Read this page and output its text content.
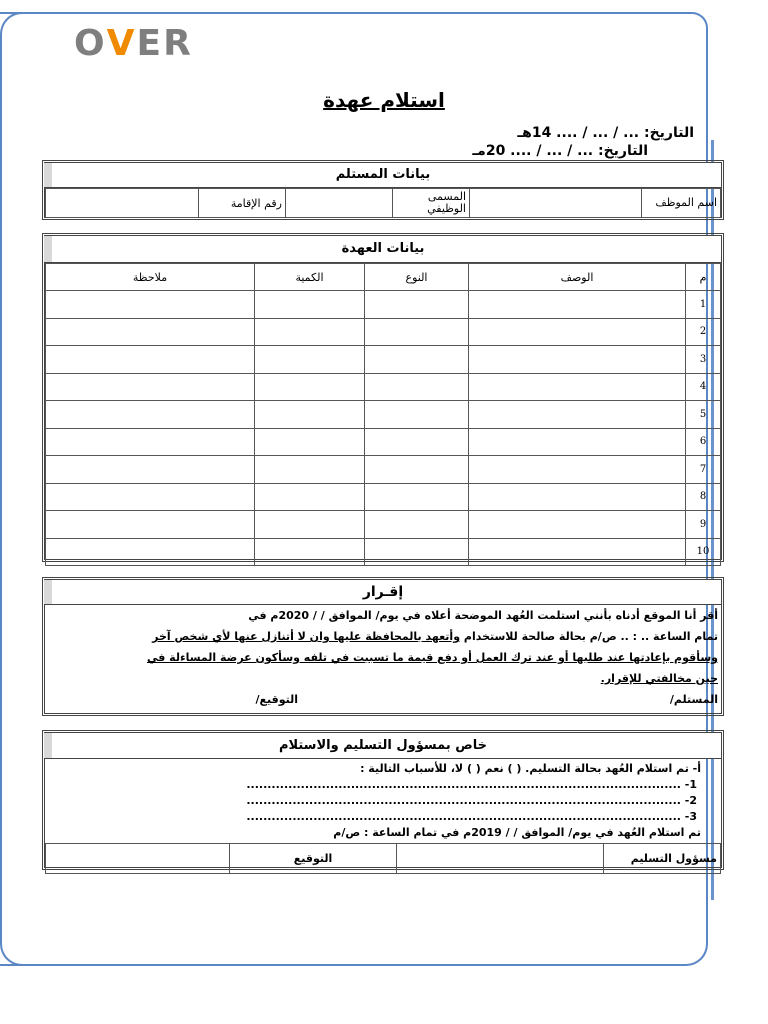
O V E R
استلام عهدة
التاريخ: ... / ... / .... 14هـ
التاريخ: ... / ... / .... 20مـ
بيانات المستلم
اسم الموظف		المسمى الوظيفي		رقم الإقامة	
بيانات العهدة
م	الوصف	النوع	الكمية	ملاحظة
1				
2				
3				
4				
5				
6				
7				
8				
9				
10				
إقـرار

أقر أنا الموقع أدناه بأنني استلمت العُهد الموضحة أعلاه في يوم/ الموافق / / 2020م في

تمام الساعة .. : .. ص/م بحالة صالحة للاستخدام وأتعهد بالمحافظة عليها وان لا أتنازل عنها لأي شخص آخر

وسأقوم بإعادتها عند طلبها أو عند ترك العمل أو دفع قيمة ما تسببت في تلفه وسأكون عرضة المساءلة في

حين مخالفتي للإقرار.

المستلم/
التوقيع/

خاص بمسؤول التسليم والاستلام
أ- تم استلام العُهد بحالة التسليم. ( ) نعم ( ) لا، للأسباب التالية :
1- ........................................................................................................
2- ........................................................................................................
3- ........................................................................................................
تم استلام العُهد في يوم/ الموافق / / 2019م في تمام الساعة : ص/م
مسؤول التسليم		التوقيع	
